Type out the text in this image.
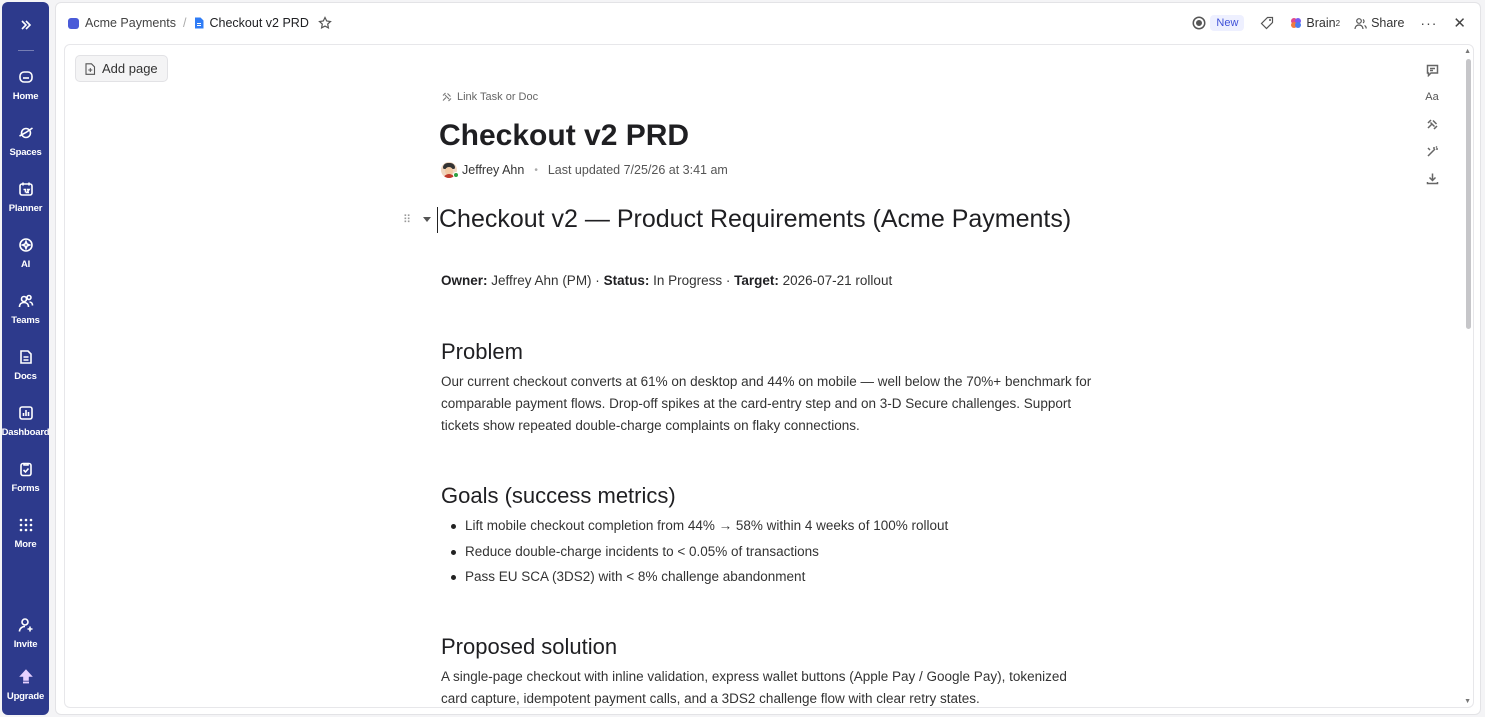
Home
Spaces
Planner
AI
Teams
Docs
Dashboard
Forms
More
Invite
Upgrade
Acme Payments / Checkout v2 PRD	New	Brain 2 Share ··· ✕
Add page
Link Task or Doc
Checkout v2 PRD
Jeffrey Ahn • Last updated 7/25/26 at 3:41 am
⠿ Checkout v2 — Product Requirements (Acme Payments)
Owner: Jeffrey Ahn (PM) · Status: In Progress · Target: 2026-07-21 rollout
Problem
Our current checkout converts at 61% on desktop and 44% on mobile — well below the 70%+ benchmark for comparable payment flows. Drop-off spikes at the card-entry step and on 3-D Secure challenges. Support tickets show repeated double-charge complaints on flaky connections.
Goals (success metrics)
Lift mobile checkout completion from 44% → 58% within 4 weeks of 100% rollout
Reduce double-charge incidents to < 0.05% of transactions
Pass EU SCA (3DS2) with < 8% challenge abandonment
Proposed solution
A single-page checkout with inline validation, express wallet buttons (Apple Pay / Google Pay), tokenized card capture, idempotent payment calls, and a 3DS2 challenge flow with clear retry states.
Aa
▲
▼
